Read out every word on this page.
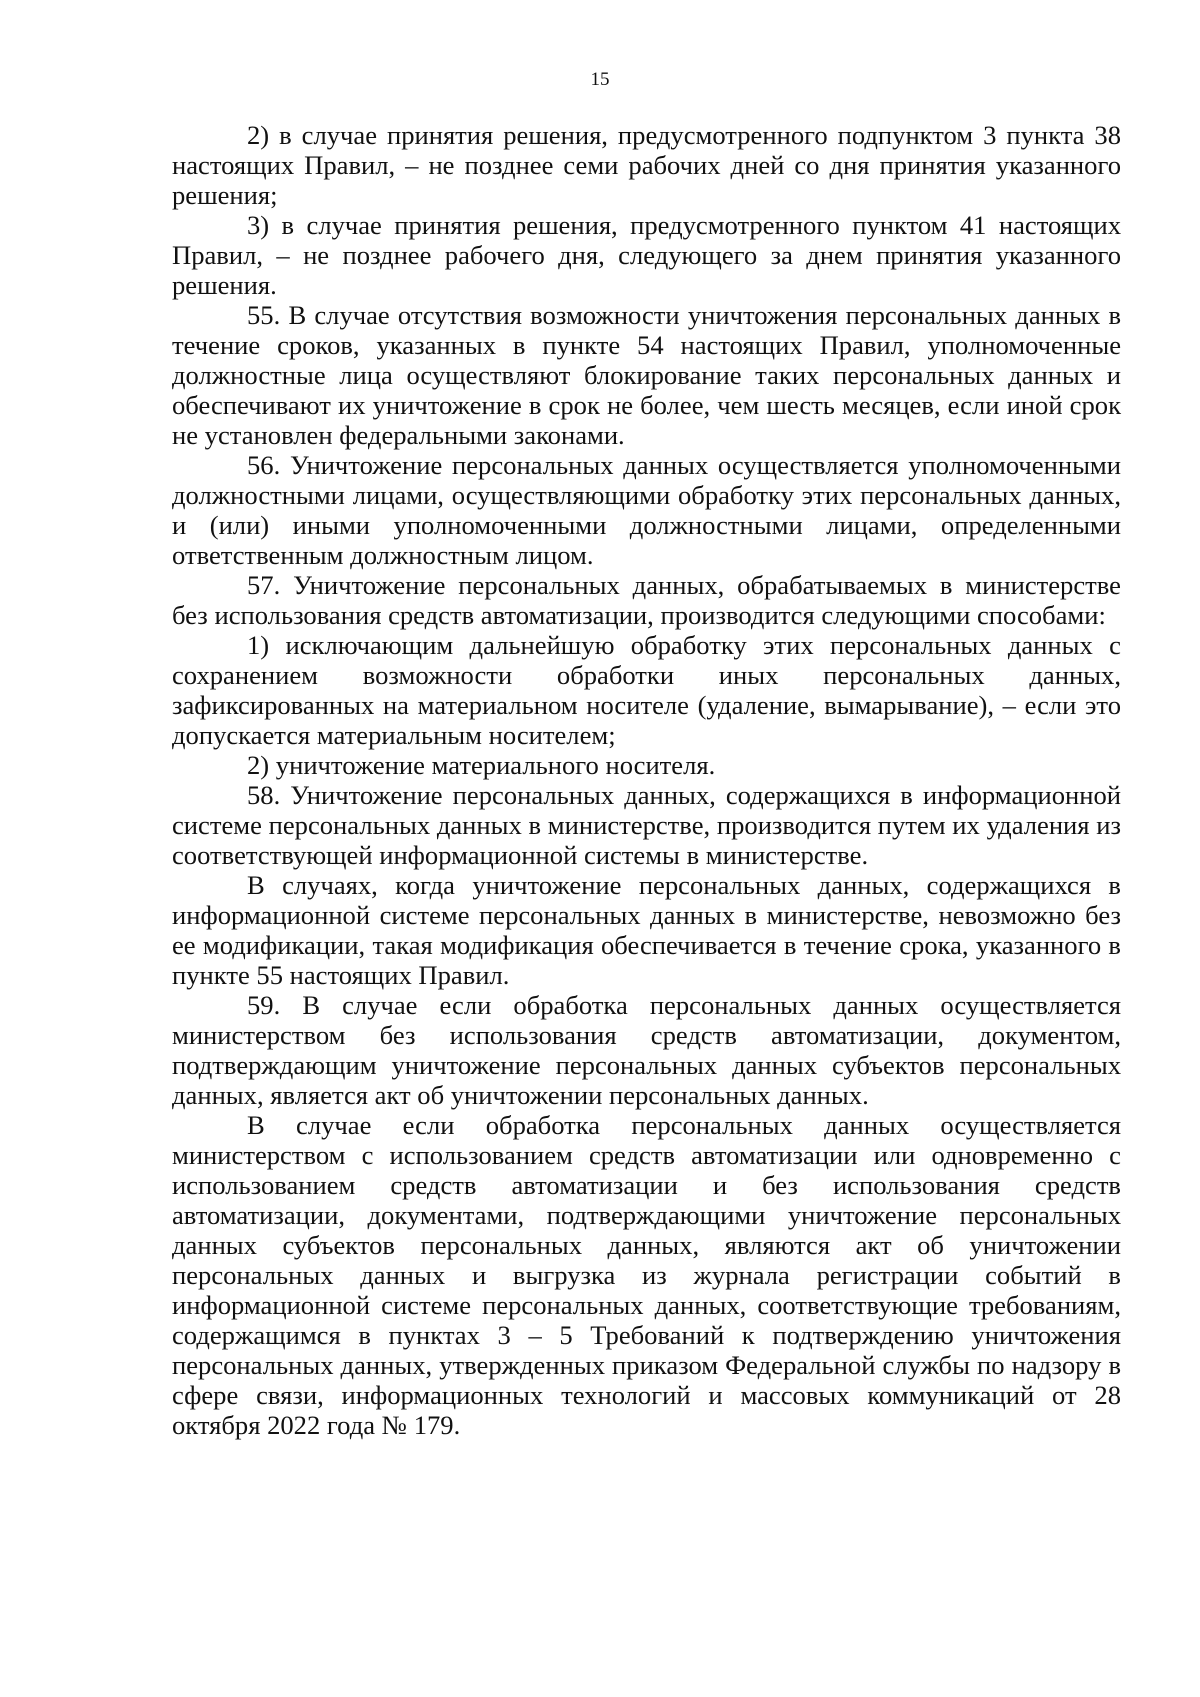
15

2) в случае принятия решения, предусмотренного подпунктом 3 пункта 38 настоящих Правил, – не позднее семи рабочих дней со дня принятия указанного решения;

3) в случае принятия решения, предусмотренного пунктом 41 настоящих Правил, – не позднее рабочего дня, следующего за днем принятия указанного решения.

55. В случае отсутствия возможности уничтожения персональных данных в течение сроков, указанных в пункте 54 настоящих Правил, уполномоченные должностные лица осуществляют блокирование таких персональных данных и обеспечивают их уничтожение в срок не более, чем шесть месяцев, если иной срок не установлен федеральными законами.

56. Уничтожение персональных данных осуществляется уполномоченными должностными лицами, осуществляющими обработку этих персональных данных, и (или) иными уполномоченными должностными лицами, определенными ответственным должностным лицом.

57. Уничтожение персональных данных, обрабатываемых в министерстве без использования средств автоматизации, производится следующими способами:

1) исключающим дальнейшую обработку этих персональных данных с сохранением возможности обработки иных персональных данных, зафиксированных на материальном носителе (удаление, вымарывание), – если это допускается материальным носителем;

2) уничтожение материального носителя.

58. Уничтожение персональных данных, содержащихся в информационной системе персональных данных в министерстве, производится путем их удаления из соответствующей информационной системы в министерстве.

В случаях, когда уничтожение персональных данных, содержащихся в информационной системе персональных данных в министерстве, невозможно без ее модификации, такая модификация обеспечивается в течение срока, указанного в пункте 55 настоящих Правил.

59. В случае если обработка персональных данных осуществляется министерством без использования средств автоматизации, документом, подтверждающим уничтожение персональных данных субъектов персональных данных, является акт об уничтожении персональных данных.

В случае если обработка персональных данных осуществляется министерством с использованием средств автоматизации или одновременно с использованием средств автоматизации и без использования средств автоматизации, документами, подтверждающими уничтожение персональных данных субъектов персональных данных, являются акт об уничтожении персональных данных и выгрузка из журнала регистрации событий в информационной системе персональных данных, соответствующие требованиям, содержащимся в пунктах 3 – 5 Требований к подтверждению уничтожения персональных данных, утвержденных приказом Федеральной службы по надзору в сфере связи, информационных технологий и массовых коммуникаций от 28 октября 2022 года № 179.
